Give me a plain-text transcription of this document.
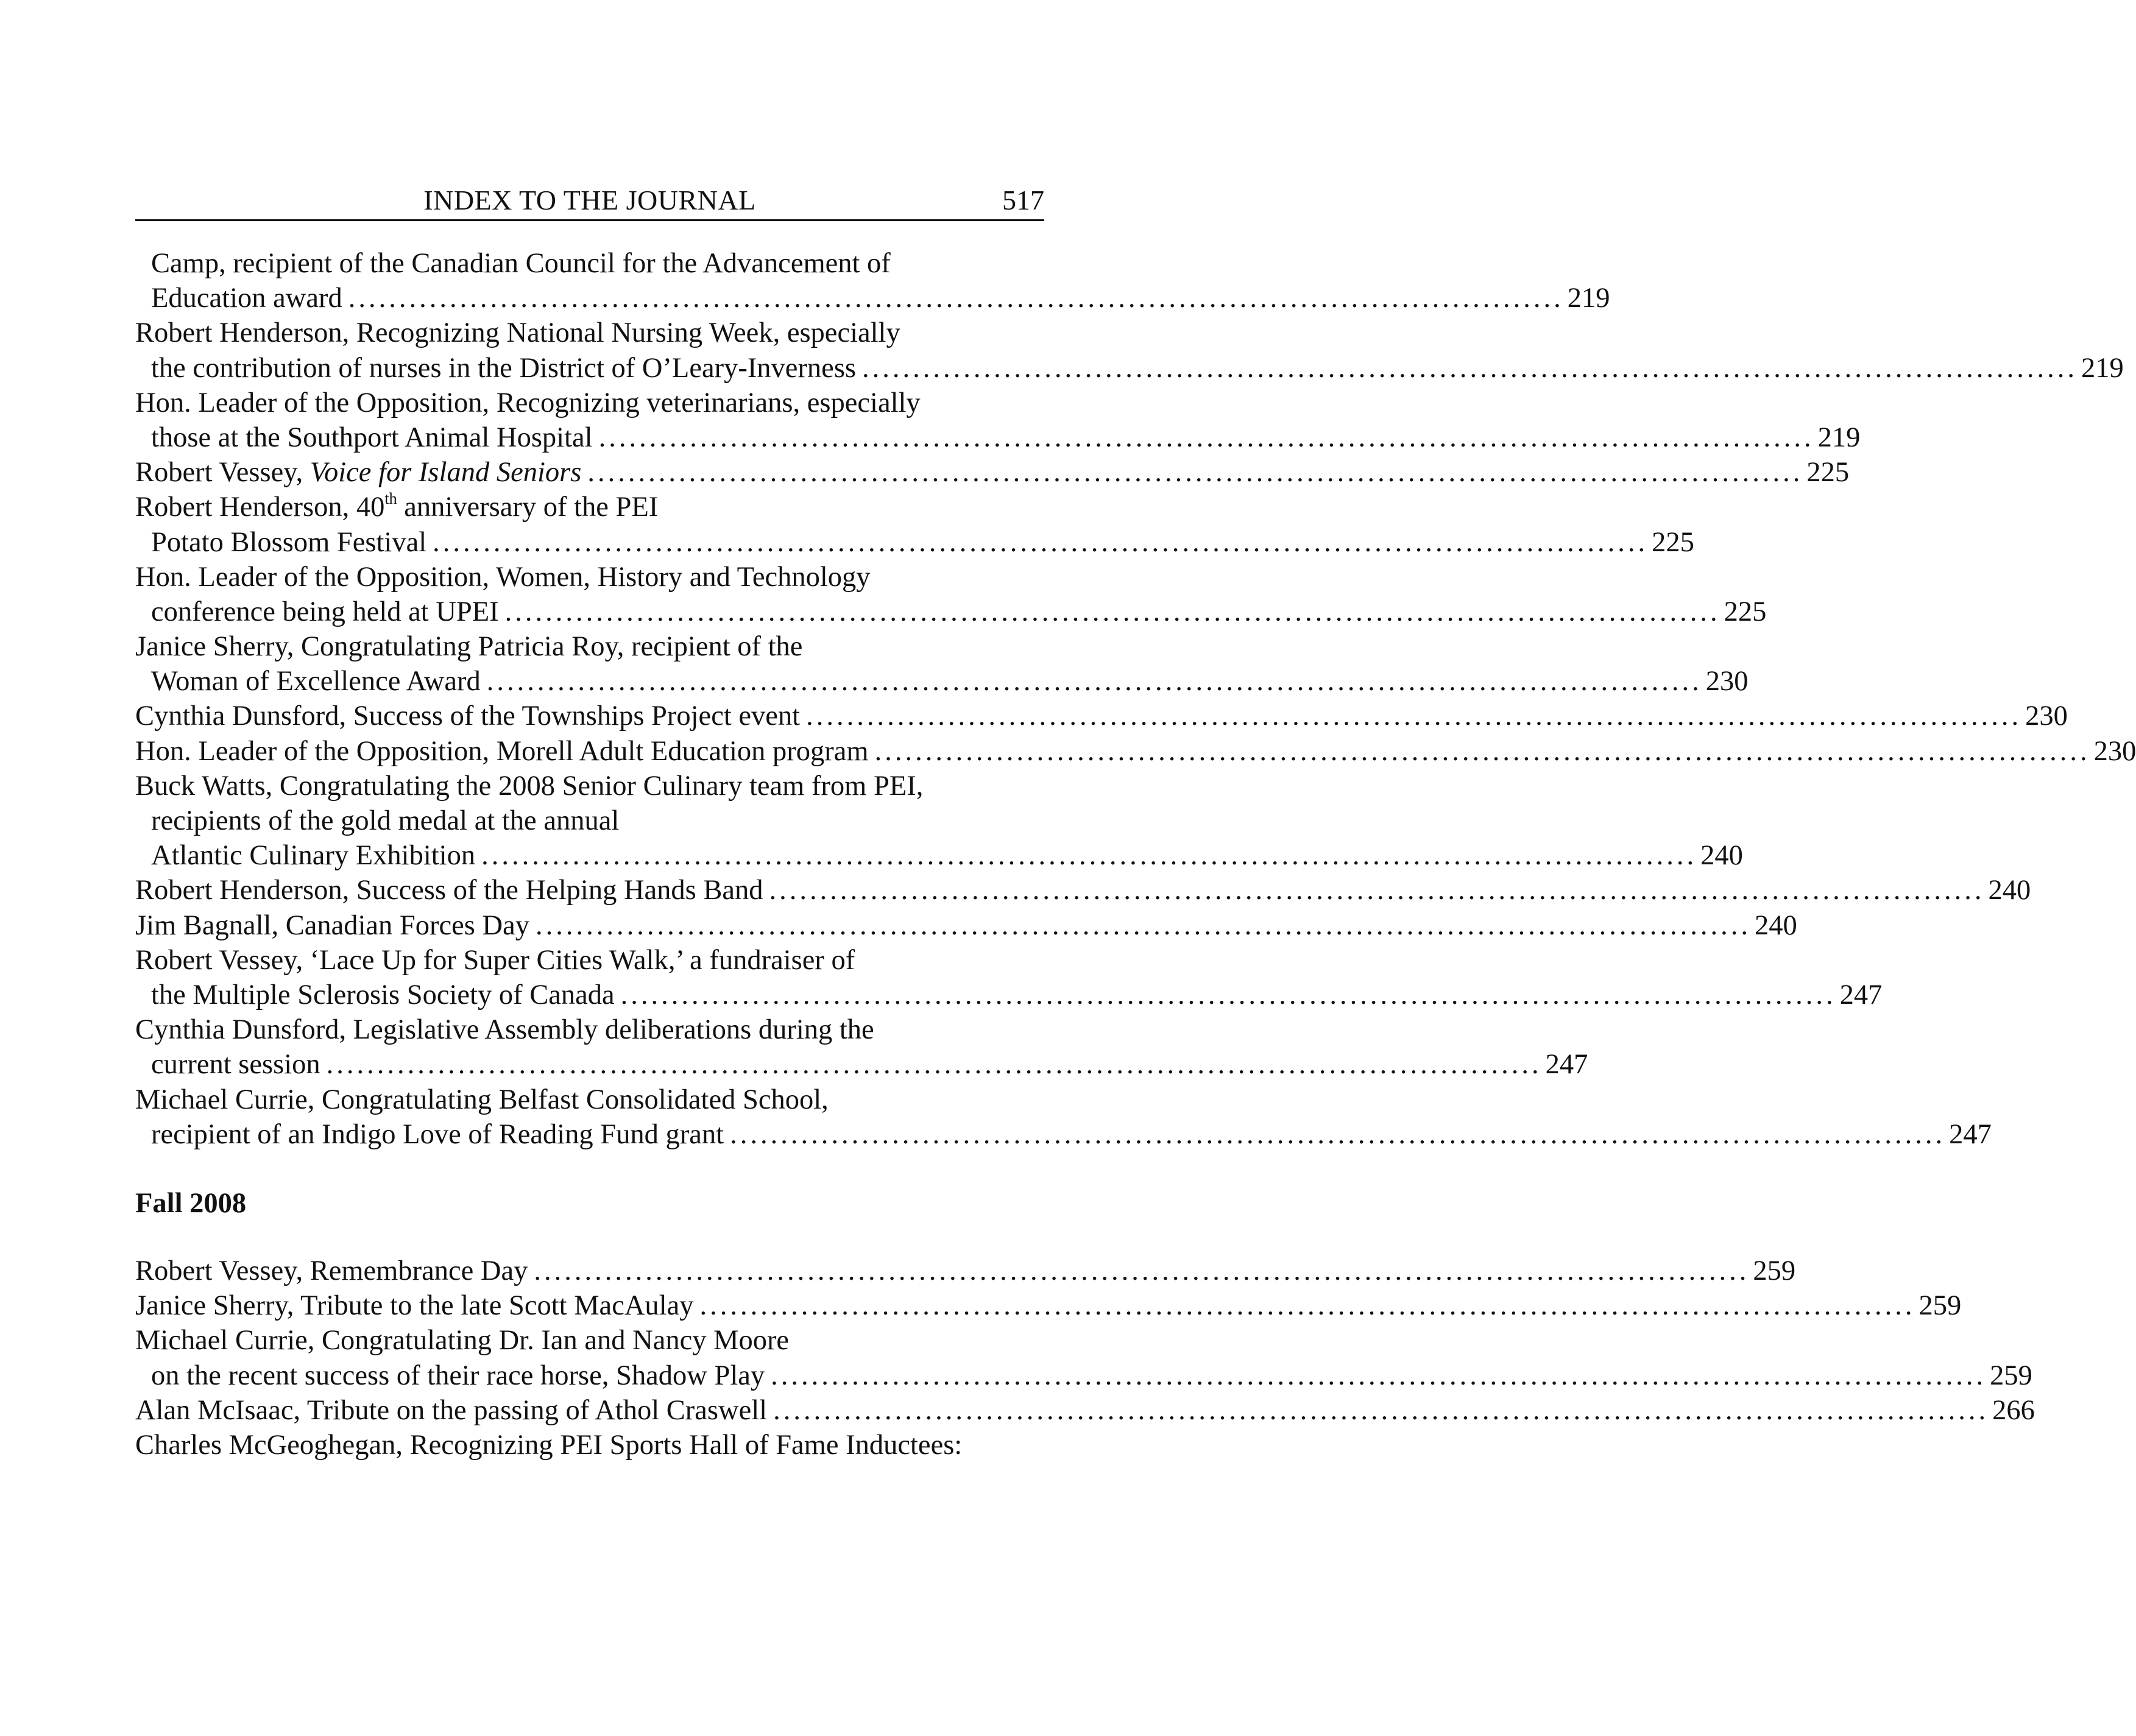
INDEX TO THE JOURNAL	517
Camp, recipient of the Canadian Council for the Advancement of
Education award ........................................................................................................................ 219
Robert Henderson, Recognizing National Nursing Week, especially
the contribution of nurses in the District of O’Leary-Inverness ........................................................................................................................ 219
Hon. Leader of the Opposition, Recognizing veterinarians, especially
those at the Southport Animal Hospital ........................................................................................................................ 219
Robert Vessey, Voice for Island Seniors ........................................................................................................................ 225
Robert Henderson, 40th anniversary of the PEI
Potato Blossom Festival ........................................................................................................................ 225
Hon. Leader of the Opposition, Women, History and Technology
conference being held at UPEI ........................................................................................................................ 225
Janice Sherry, Congratulating Patricia Roy, recipient of the
Woman of Excellence Award ........................................................................................................................ 230
Cynthia Dunsford, Success of the Townships Project event ........................................................................................................................ 230
Hon. Leader of the Opposition, Morell Adult Education program ........................................................................................................................ 230
Buck Watts, Congratulating the 2008 Senior Culinary team from PEI,
recipients of the gold medal at the annual
Atlantic Culinary Exhibition ........................................................................................................................ 240
Robert Henderson, Success of the Helping Hands Band ........................................................................................................................ 240
Jim Bagnall, Canadian Forces Day ........................................................................................................................ 240
Robert Vessey, ‘Lace Up for Super Cities Walk,’ a fundraiser of
the Multiple Sclerosis Society of Canada ........................................................................................................................ 247
Cynthia Dunsford, Legislative Assembly deliberations during the
current session ........................................................................................................................ 247
Michael Currie, Congratulating Belfast Consolidated School,
recipient of an Indigo Love of Reading Fund grant ........................................................................................................................ 247
Fall 2008
Robert Vessey, Remembrance Day ........................................................................................................................ 259
Janice Sherry, Tribute to the late Scott MacAulay ........................................................................................................................ 259
Michael Currie, Congratulating Dr. Ian and Nancy Moore
on the recent success of their race horse, Shadow Play ........................................................................................................................ 259
Alan McIsaac, Tribute on the passing of Athol Craswell ........................................................................................................................ 266
Charles McGeoghegan, Recognizing PEI Sports Hall of Fame Inductees:
